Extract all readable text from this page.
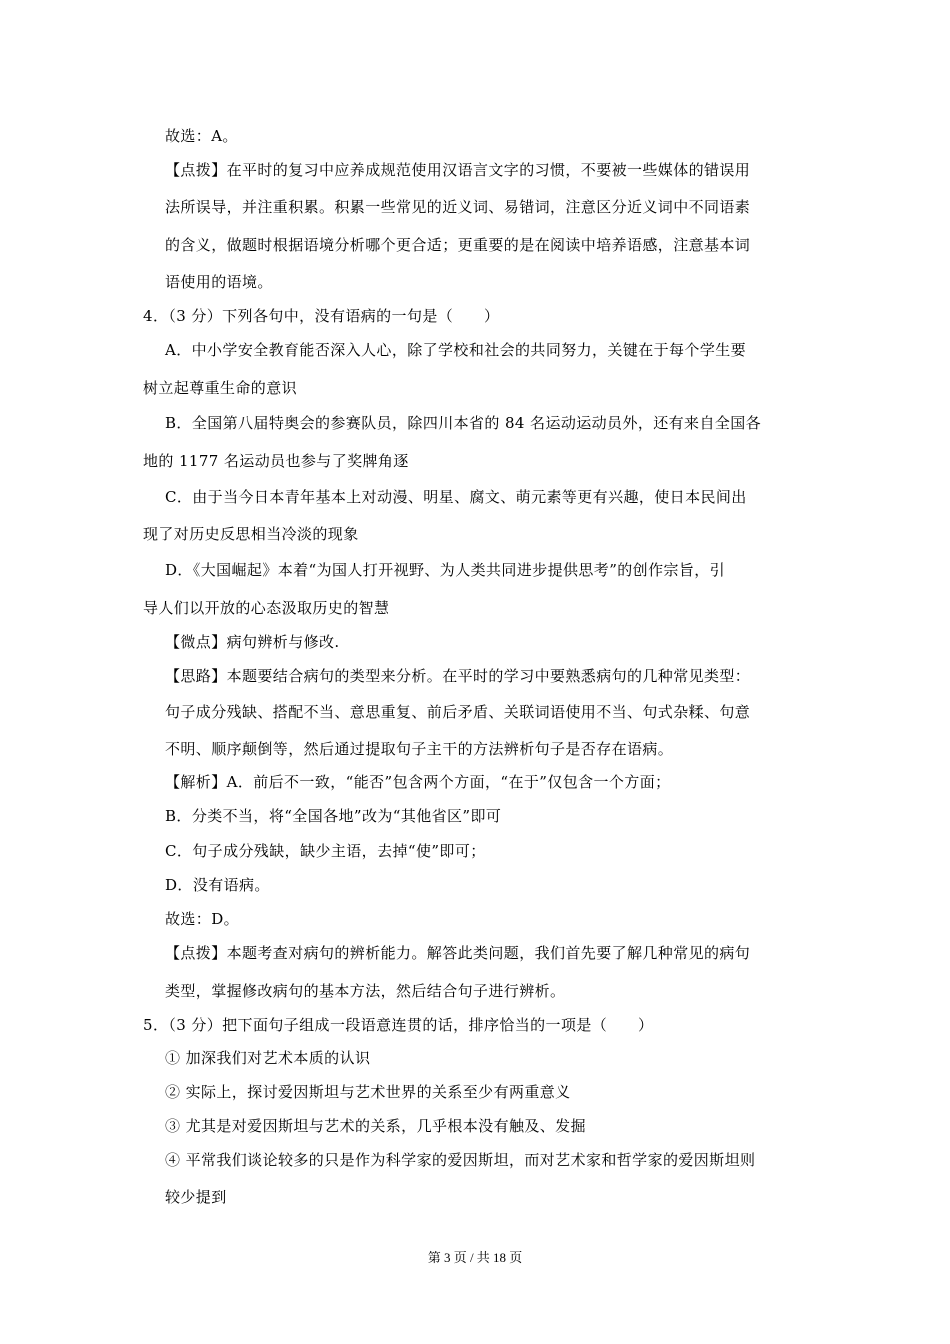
故选：A。
【点拨】在平时的复习中应养成规范使用汉语言文字的习惯，不要被一些媒体的错误用
法所误导，并注重积累。积累一些常见的近义词、易错词，注意区分近义词中不同语素
的含义，做题时根据语境分析哪个更合适；更重要的是在阅读中培养语感，注意基本词
语使用的语境。
4．（3 分）下列各句中，没有语病的一句是（　　）
A．中小学安全教育能否深入人心，除了学校和社会的共同努力，关键在于每个学生要
树立起尊重生命的意识
B．全国第八届特奥会的参赛队员，除四川本省的 84 名运动运动员外，还有来自全国各
地的 1177 名运动员也参与了奖牌角逐
C．由于当今日本青年基本上对动漫、明星、腐文、萌元素等更有兴趣，使日本民间出
现了对历史反思相当冷淡的现象
D．《大国崛起》本着“为国人打开视野、为人类共同进步提供思考”的创作宗旨，引
导人们以开放的心态汲取历史的智慧
【微点】病句辨析与修改.
【思路】本题要结合病句的类型来分析。在平时的学习中要熟悉病句的几种常见类型：
句子成分残缺、搭配不当、意思重复、前后矛盾、关联词语使用不当、句式杂糅、句意
不明、顺序颠倒等，然后通过提取句子主干的方法辨析句子是否存在语病。
【解析】A．前后不一致，“能否”包含两个方面，“在于”仅包含一个方面；
B．分类不当，将“全国各地”改为“其他省区”即可
C．句子成分残缺，缺少主语，去掉“使”即可；
D．没有语病。
故选：D。
【点拨】本题考查对病句的辨析能力。解答此类问题，我们首先要了解几种常见的病句
类型，掌握修改病句的基本方法，然后结合句子进行辨析。
5．（3 分）把下面句子组成一段语意连贯的话，排序恰当的一项是（　　）
① 加深我们对艺术本质的认识
② 实际上，探讨爱因斯坦与艺术世界的关系至少有两重意义
③ 尤其是对爱因斯坦与艺术的关系，几乎根本没有触及、发掘
④ 平常我们谈论较多的只是作为科学家的爱因斯坦，而对艺术家和哲学家的爱因斯坦则
较少提到
第 3 页 / 共 18 页
